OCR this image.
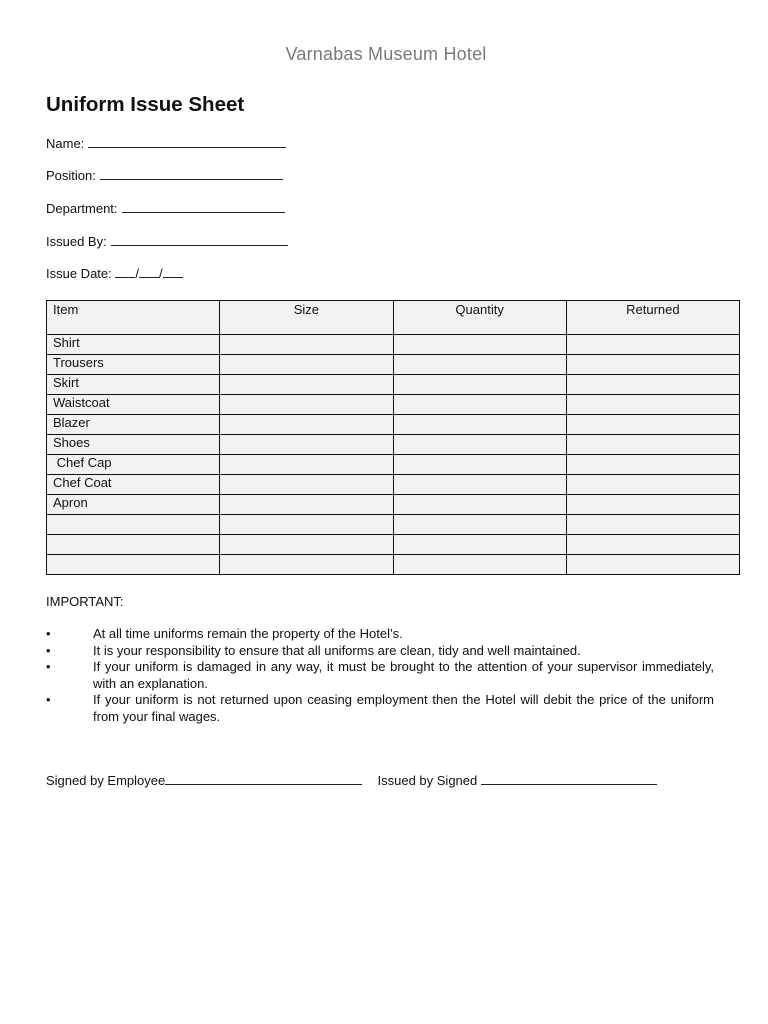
Varnabas Museum Hotel
Uniform Issue Sheet
Name:
Position:
Department:
Issued By:
Issue Date: / /
Item	Size	Quantity	Returned
Shirt			
Trousers			
Skirt			
Waistcoat			
Blazer			
Shoes			
Chef Cap			
Chef Coat			
Apron			

IMPORTANT:
•	At all time uniforms remain the property of the Hotel’s.
•	It is your responsibility to ensure that all uniforms are clean, tidy and well maintained.
•	If your uniform is damaged in any way, it must be brought to the attention of your supervisor immediately, with an explanation.
•	If your uniform is not returned upon ceasing employment then the Hotel will debit the price of the uniform from your final wages.
Signed by Employee	Issued by Signed
